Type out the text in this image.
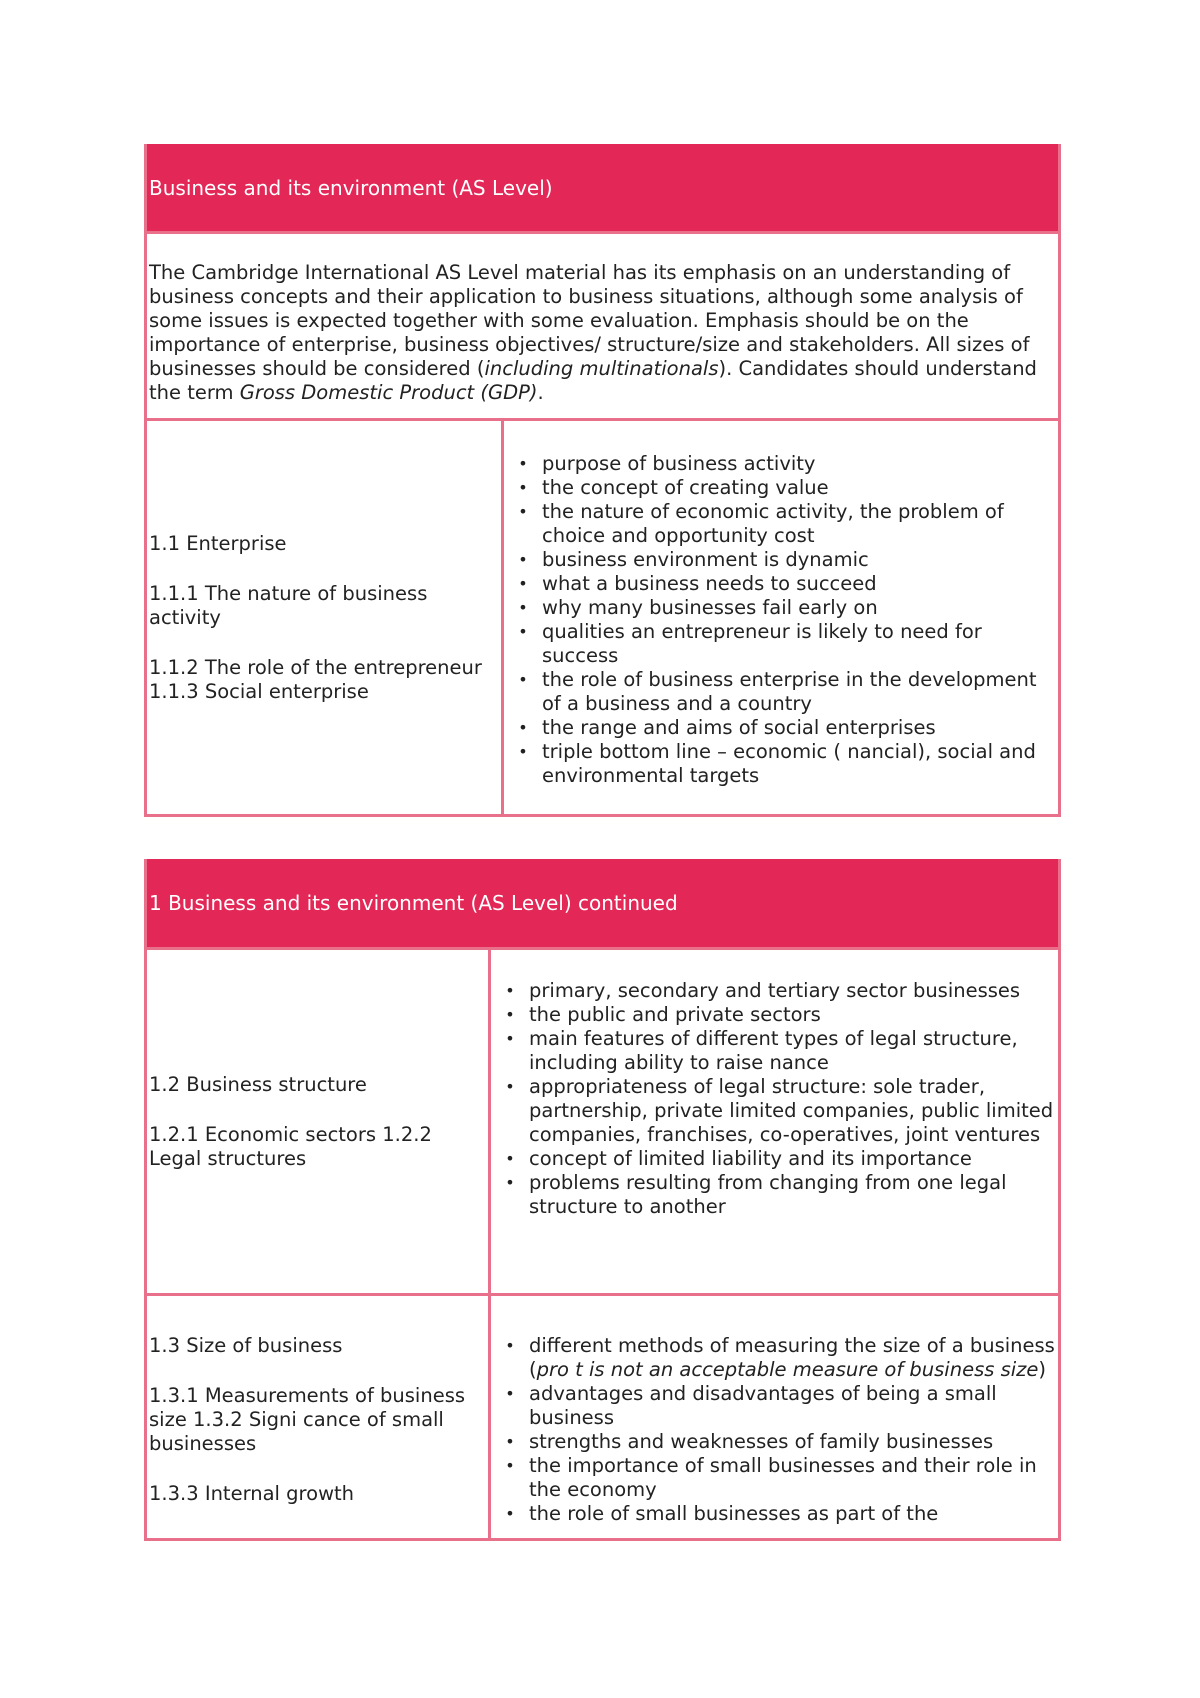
Business and its environment (AS Level)
The Cambridge International AS Level material has its emphasis on an understanding of business concepts and their application to business situations, although some analysis of some issues is expected together with some evaluation. Emphasis should be on the importance of enterprise, business objectives/ structure/size and stakeholders. All sizes of businesses should be considered (including multinationals). Candidates should understand the term Gross Domestic Product (GDP).

1.1 Enterprise

1.1.1 The nature of business activity

1.1.2 The role of the entrepreneur

1.1.3 Social enterprise

•
purpose of business activity
•
the concept of creating value
•
the nature of economic activity, the problem of choice and opportunity cost
•
business environment is dynamic
•
what a business needs to succeed
•
why many businesses fail early on
•
qualities an entrepreneur is likely to need for success
•
the role of business enterprise in the development of a business and a country
•
the range and aims of social enterprises
•
triple bottom line – economic ( nancial), social and environmental targets
1 Business and its environment (AS Level) continued

1.2 Business structure

1.2.1 Economic sectors 1.2.2 Legal structures

•
primary, secondary and tertiary sector businesses
•
the public and private sectors
•
main features of different types of legal structure, including ability to raise nance
•
appropriateness of legal structure: sole trader, partnership, private limited companies, public limited companies, franchises, co-operatives, joint ventures
•
concept of limited liability and its importance
•
problems resulting from changing from one legal structure to another

1.3 Size of business

1.3.1 Measurements of business size 1.3.2 Signi cance of small businesses

1.3.3 Internal growth

•
different methods of measuring the size of a business (pro t is not an acceptable measure of business size)
•
advantages and disadvantages of being a small business
•
strengths and weaknesses of family businesses
•
the importance of small businesses and their role in the economy
•
the role of small businesses as part of the
